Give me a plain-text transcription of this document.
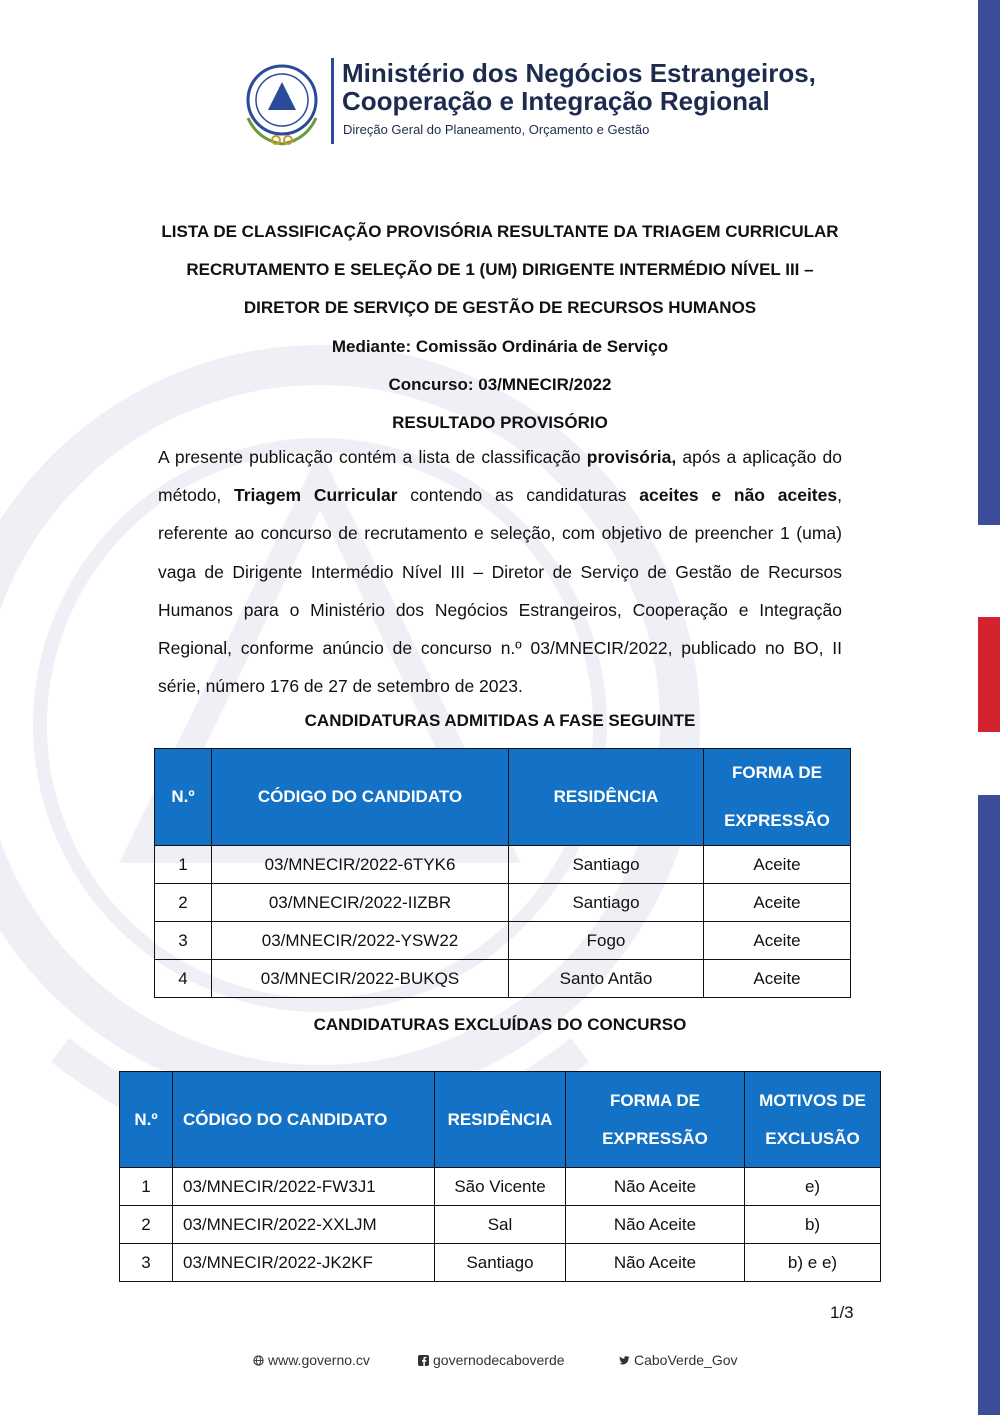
Ministério dos Negócios Estrangeiros,
Cooperação e Integração Regional
Direção Geral do Planeamento, Orçamento e Gestão
LISTA DE CLASSIFICAÇÃO PROVISÓRIA RESULTANTE DA TRIAGEM CURRICULAR
RECRUTAMENTO E SELEÇÃO DE 1 (UM) DIRIGENTE INTERMÉDIO NÍVEL III –
DIRETOR DE SERVIÇO DE GESTÃO DE RECURSOS HUMANOS
Mediante: Comissão Ordinária de Serviço
Concurso: 03/MNECIR/2022
RESULTADO PROVISÓRIO
A presente publicação contém a lista de classificação provisória, após a aplicação do método, Triagem Curricular contendo as candidaturas aceites e não aceites, referente ao concurso de recrutamento e seleção, com objetivo de preencher 1 (uma) vaga de Dirigente Intermédio Nível III – Diretor de Serviço de Gestão de Recursos Humanos para o Ministério dos Negócios Estrangeiros, Cooperação e Integração Regional, conforme anúncio de concurso n.º 03/MNECIR/2022, publicado no BO, II série, número 176 de 27 de setembro de 2023.
CANDIDATURAS ADMITIDAS A FASE SEGUINTE
N.º	CÓDIGO DO CANDIDATO	RESIDÊNCIA	FORMA DE EXPRESSÃO
1	03/MNECIR/2022-6TYK6	Santiago	Aceite
2	03/MNECIR/2022-IIZBR	Santiago	Aceite
3	03/MNECIR/2022-YSW22	Fogo	Aceite
4	03/MNECIR/2022-BUKQS	Santo Antão	Aceite
CANDIDATURAS EXCLUÍDAS DO CONCURSO
N.º	CÓDIGO DO CANDIDATO	RESIDÊNCIA	FORMA DE EXPRESSÃO	MOTIVOS DE EXCLUSÃO
1	03/MNECIR/2022-FW3J1	São Vicente	Não Aceite	e)
2	03/MNECIR/2022-XXLJM	Sal	Não Aceite	b)
3	03/MNECIR/2022-JK2KF	Santiago	Não Aceite	b) e e)
1/3
www.governo.cv	governodecaboverde	CaboVerde_Gov
